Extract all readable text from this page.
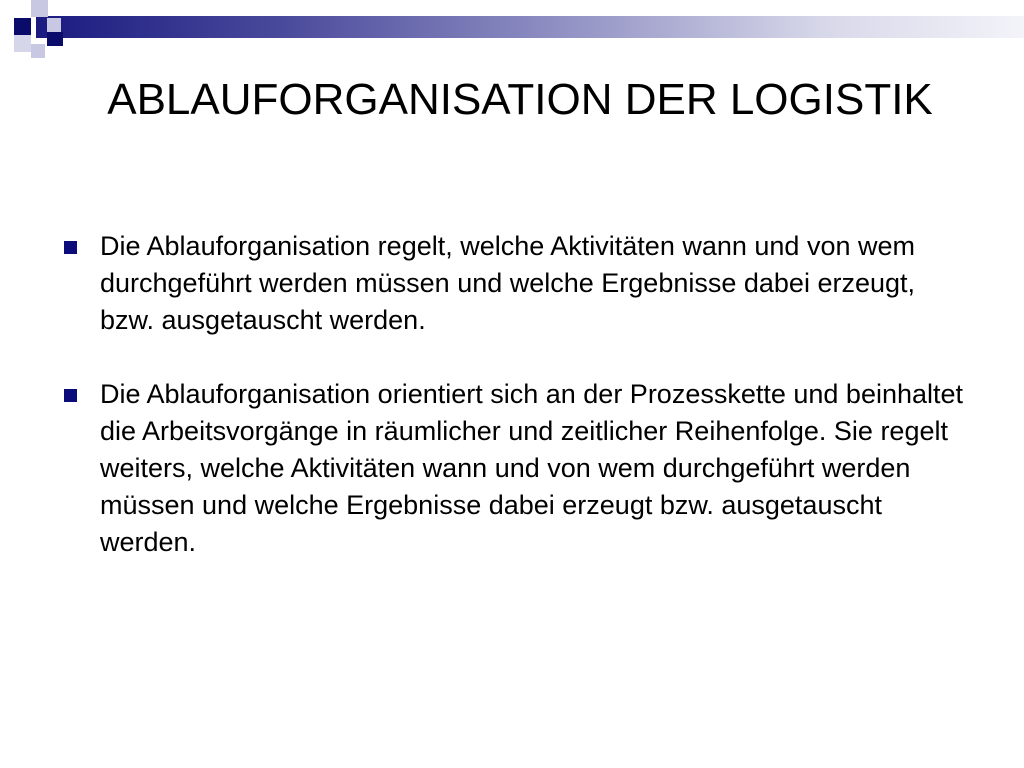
ABLAUFORGANISATION DER LOGISTIK
Die Ablauforganisation regelt, welche Aktivitäten wann und von wem durchgeführt werden müssen und welche Ergebnisse dabei erzeugt, bzw. ausgetauscht werden.
Die Ablauforganisation orientiert sich an der Prozesskette und beinhaltet die Arbeitsvorgänge in räumlicher und zeitlicher Reihenfolge. Sie regelt weiters, welche Aktivitäten wann und von wem durchgeführt werden müssen und welche Ergebnisse dabei erzeugt bzw. ausgetauscht werden.
